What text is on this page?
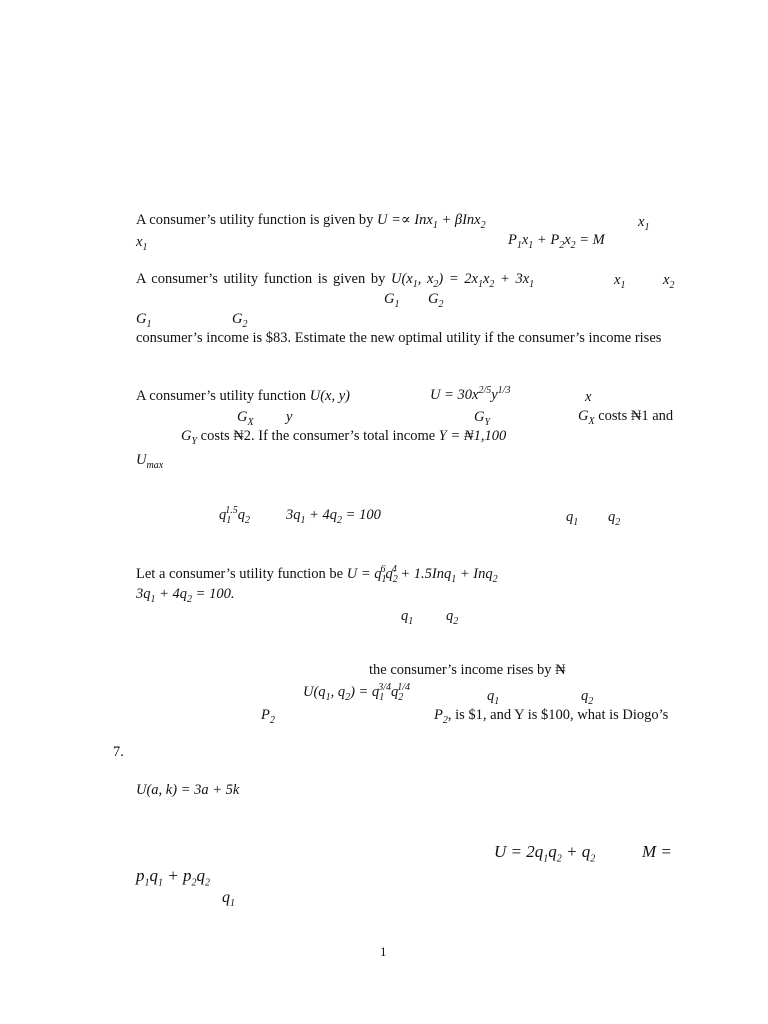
A consumer’s utility function is given by U =∝ Inx$_1$ + βInx$_2$	$x_1$
$x_1$	$P_1x_1 + P_2x_2 = M$
A consumer’s utility function is given by $U(x_1$, $x_2) = 2x_1x_2 + 3x_1$	$x_1$	$x_2$
$G_1$ $G_2$
$G_1$	$G_2$
consumer’s income is $83. Estimate the new optimal utility if the consumer’s income rises
A consumer’s utility function U(x, y)	$U = 30x^{2/5}y^{1/3}$	x
$G_X$ y	$G_Y$	$G_X$ costs ₦1 and
$G_Y$ costs ₦2. If the consumer’s total income Y = ₦1,100
$U_{max}$
$q_1^{1.5}q_2$ $3q_1 + 4q_2 = 100$	$q_1$ $q_2$
Let a consumer’s utility function be $U = q_1^6q_2^4 + 1.5Inq_1 + Inq_2$
$3q_1 + 4q_2 = 100$.
$q_1$ $q_2$
the consumer’s income rises by ₦
$U(q_1$, $q_2) = q_1^{3/4}q_2^{1/4}$
$q_1$	$q_2$
$P_2$	$P_2$, is $1, and Y is $100, what is Diogo’s
7.
U(a, k) = 3a + 5k
$U = 2q_1q_2 + q_2$	M =
$p_1q_1 + p_2q_2$
$q_1$
1
